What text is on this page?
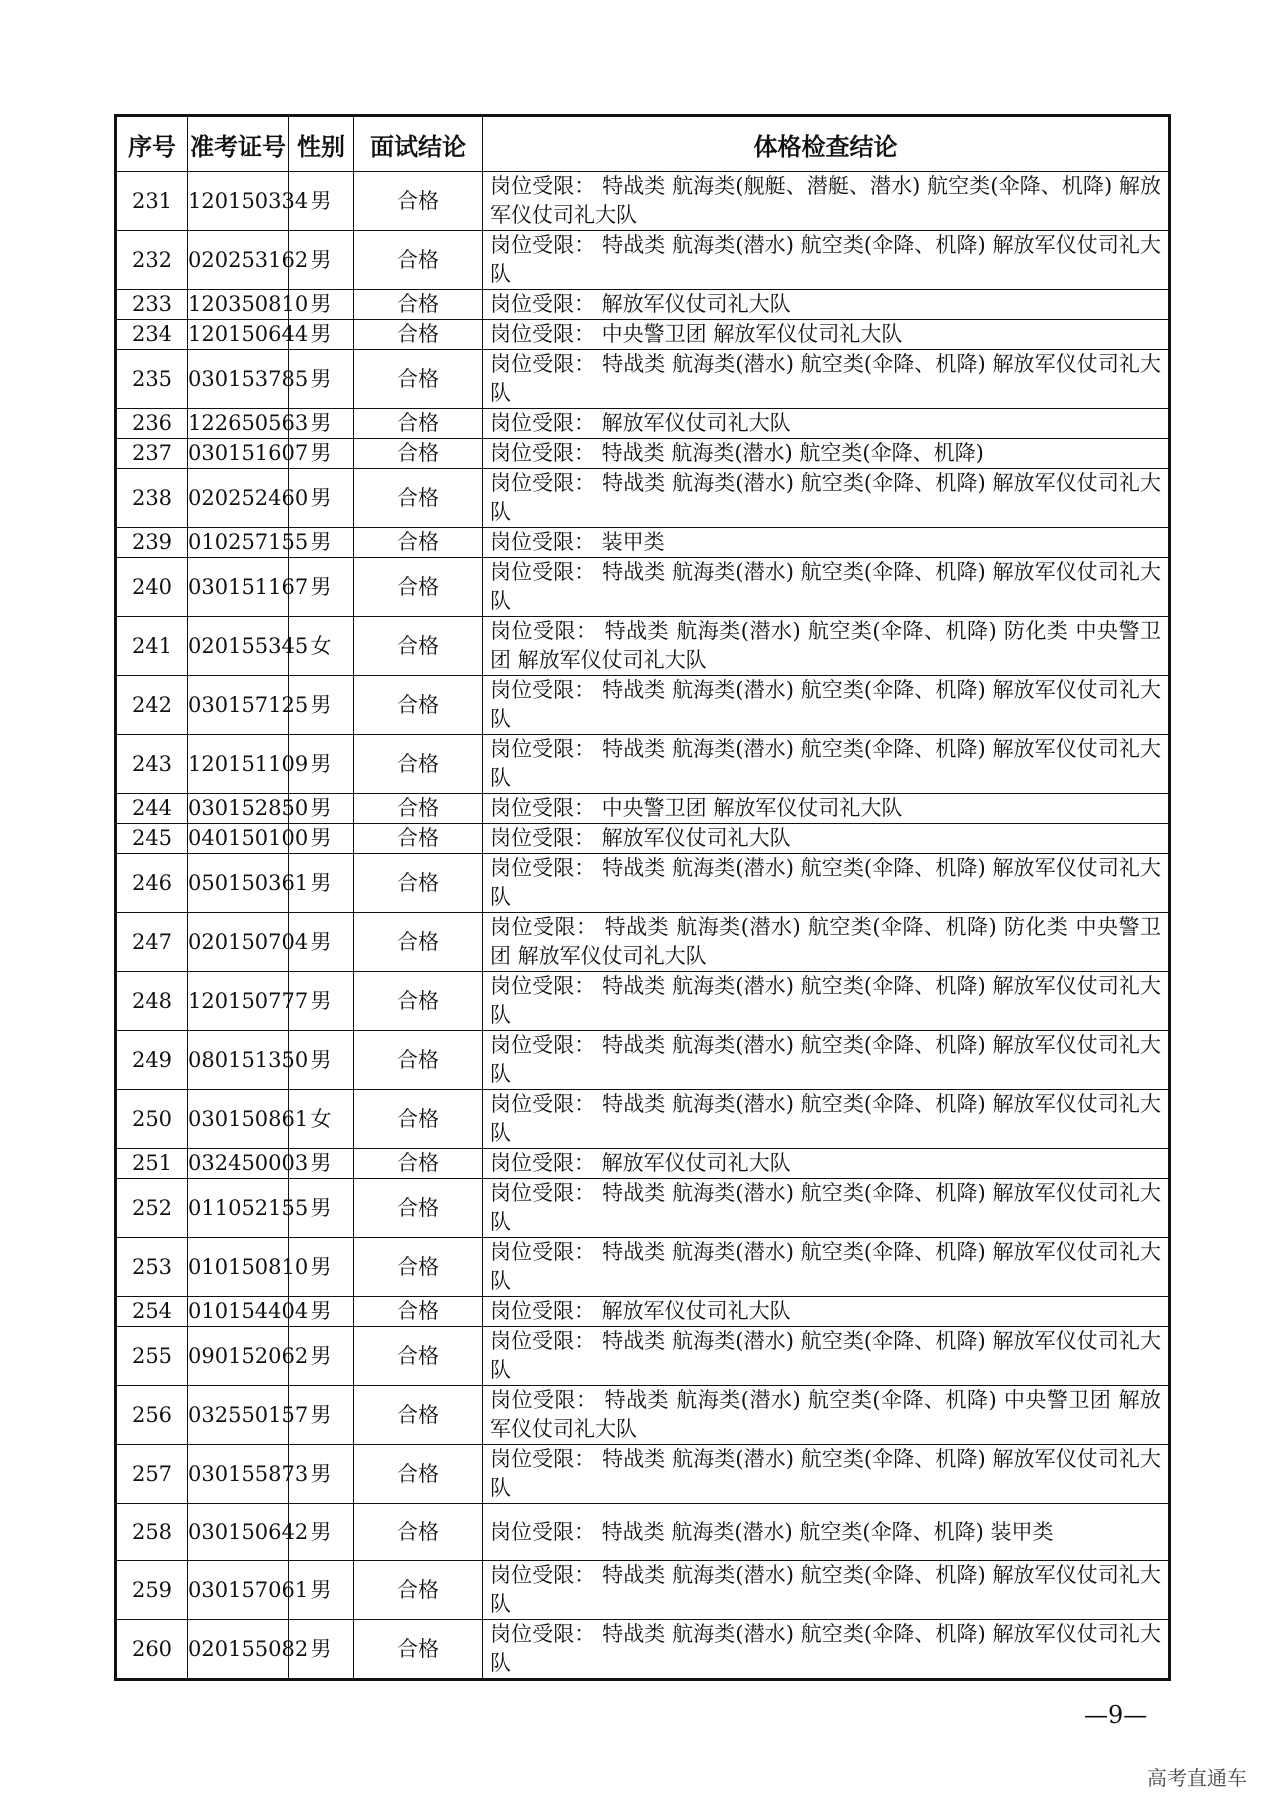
序号	准考证号	性别	面试结论	体格检查结论
231	120150334	男	合格	岗位受限： 特战类 航海类(舰艇、潜艇、潜水) 航空类(伞降、机降) 解放军仪仗司礼大队
232	020253162	男	合格	岗位受限： 特战类 航海类(潜水) 航空类(伞降、机降) 解放军仪仗司礼大队
233	120350810	男	合格	岗位受限： 解放军仪仗司礼大队
234	120150644	男	合格	岗位受限： 中央警卫团 解放军仪仗司礼大队
235	030153785	男	合格	岗位受限： 特战类 航海类(潜水) 航空类(伞降、机降) 解放军仪仗司礼大队
236	122650563	男	合格	岗位受限： 解放军仪仗司礼大队
237	030151607	男	合格	岗位受限： 特战类 航海类(潜水) 航空类(伞降、机降)
238	020252460	男	合格	岗位受限： 特战类 航海类(潜水) 航空类(伞降、机降) 解放军仪仗司礼大队
239	010257155	男	合格	岗位受限： 装甲类
240	030151167	男	合格	岗位受限： 特战类 航海类(潜水) 航空类(伞降、机降) 解放军仪仗司礼大队
241	020155345	女	合格	岗位受限： 特战类 航海类(潜水) 航空类(伞降、机降) 防化类 中央警卫团 解放军仪仗司礼大队
242	030157125	男	合格	岗位受限： 特战类 航海类(潜水) 航空类(伞降、机降) 解放军仪仗司礼大队
243	120151109	男	合格	岗位受限： 特战类 航海类(潜水) 航空类(伞降、机降) 解放军仪仗司礼大队
244	030152850	男	合格	岗位受限： 中央警卫团 解放军仪仗司礼大队
245	040150100	男	合格	岗位受限： 解放军仪仗司礼大队
246	050150361	男	合格	岗位受限： 特战类 航海类(潜水) 航空类(伞降、机降) 解放军仪仗司礼大队
247	020150704	男	合格	岗位受限： 特战类 航海类(潜水) 航空类(伞降、机降) 防化类 中央警卫团 解放军仪仗司礼大队
248	120150777	男	合格	岗位受限： 特战类 航海类(潜水) 航空类(伞降、机降) 解放军仪仗司礼大队
249	080151350	男	合格	岗位受限： 特战类 航海类(潜水) 航空类(伞降、机降) 解放军仪仗司礼大队
250	030150861	女	合格	岗位受限： 特战类 航海类(潜水) 航空类(伞降、机降) 解放军仪仗司礼大队
251	032450003	男	合格	岗位受限： 解放军仪仗司礼大队
252	011052155	男	合格	岗位受限： 特战类 航海类(潜水) 航空类(伞降、机降) 解放军仪仗司礼大队
253	010150810	男	合格	岗位受限： 特战类 航海类(潜水) 航空类(伞降、机降) 解放军仪仗司礼大队
254	010154404	男	合格	岗位受限： 解放军仪仗司礼大队
255	090152062	男	合格	岗位受限： 特战类 航海类(潜水) 航空类(伞降、机降) 解放军仪仗司礼大队
256	032550157	男	合格	岗位受限： 特战类 航海类(潜水) 航空类(伞降、机降) 中央警卫团 解放军仪仗司礼大队
257	030155873	男	合格	岗位受限： 特战类 航海类(潜水) 航空类(伞降、机降) 解放军仪仗司礼大队
258	030150642	男	合格	岗位受限： 特战类 航海类(潜水) 航空类(伞降、机降) 装甲类
259	030157061	男	合格	岗位受限： 特战类 航海类(潜水) 航空类(伞降、机降) 解放军仪仗司礼大队
260	020155082	男	合格	岗位受限： 特战类 航海类(潜水) 航空类(伞降、机降) 解放军仪仗司礼大队
—9—
高考直通车
